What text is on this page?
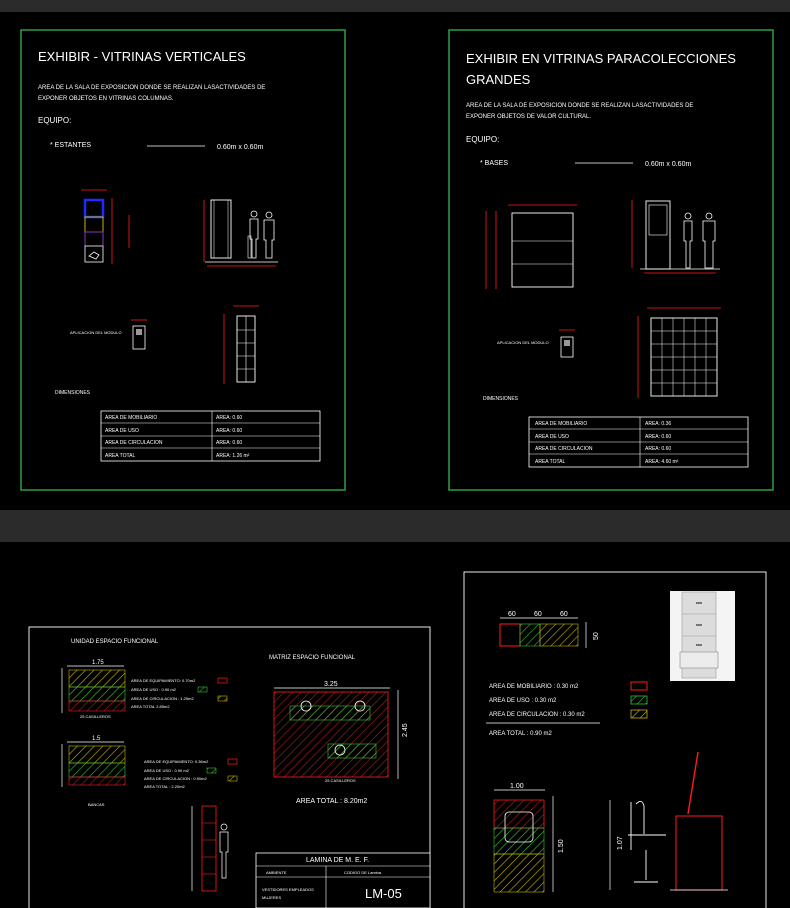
EXHIBIR - VITRINAS VERTICALES
AREA DE LA SALA DE EXPOSICION DONDE SE REALIZAN LASACTIVIDADES DE
EXPONER OBJETOS EN VITRINAS COLUMNAS.
EQUIPO:
* ESTANTES	0.60m x 0.60m
APLICACION DEL MODULO
DIMENSIONES
AREA DE MOBILIARIO	AREA: 0.60
AREA DE USO	AREA: 0.60
AREA DE CIRCULACION	AREA: 0.60
AREA TOTAL	AREA: 1.26 m²
EXHIBIR EN VITRINAS PARACOLECCIONES
GRANDES
AREA DE LA SALA DE EXPOSICION DONDE SE REALIZAN LASACTIVIDADES DE
EXPONER OBJETOS DE VALOR CULTURAL.
EQUIPO:
* BASES	0.60m x 0.60m
APLICACION DEL MODULO
DIMENSIONES
AREA DE MOBILIARIO	AREA: 0.36
AREA DE USO	AREA: 0.60
AREA DE CIRCULACION	AREA: 0.60
AREA TOTAL	AREA: 4.60 m²
UNIDAD ESPACIO FUNCIONAL
MATRIZ ESPACIO FUNCIONAL
1.75
25 CASILLEROS
AREA DE EQUIPAMIENTO: 0.70m2
AREA DE USO : 0.90 m2
AREA DE CIRCULACION : 1.25m2
AREA TOTAL 2.85m2
1.5
BANCAS
AREA DE EQUIPAMIENTO: 0.36m2
AREA DE USO : 0.90 m2
AREA DE CIRCULACION : 0.90m2
AREA TOTAL : 2.20m2
3.25
2.45
25 CASILLEROS
AREA TOTAL : 8.20m2
LAMINA DE M. E. F.
AMBIENTE	CODIGO DE Lamina
VESTIDORES EMPLEADOS
MUJERES	LM-05
60	60	60
50
AREA DE MOBILIARIO : 0.30 m2
AREA DE USO : 0.30 m2
AREA DE CIRCULACION : 0.30 m2
AREA TOTAL : 0.90 m2
1.00
1.50	1.07
